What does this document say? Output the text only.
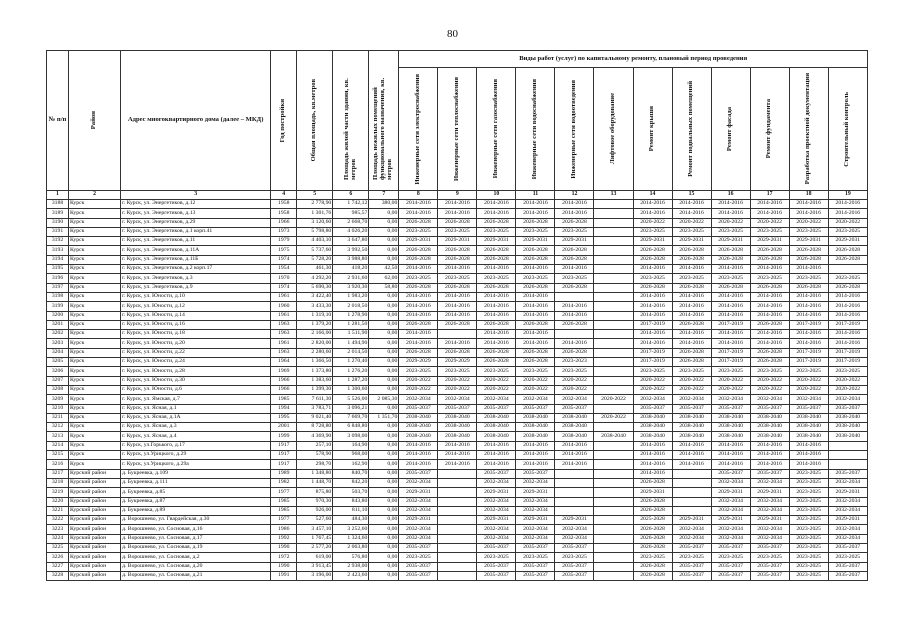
80
№ п/п	Район	Адрес многоквартирного дома (далее – МКД)	Год постройки	Общая площадь, кв.метров	Площадь жилой части здания, кв. метров	Площадь нежилых помещений функционального назначения, кв. метров	Виды работ (услуг) по капитальному ремонту, плановый период проведения											

							Инженерные сети электроснабжения	Инженерные сети теплоснабжения	Инженерные сети газоснабжения	Инженерные сети водоснабжения	Инженерные сети водоотведения	Лифтовое оборудование	Ремонт крыши	Ремонт подвальных помещений	Ремонт фасада	Ремонт фундамента	Разработка проектной документации	Строительный контроль

1	2	3	4	5	6	7	8	9	10	11	12	13	14	15	16	17	18	19
3188	Курск	г. Курск, ул. Энергетиков, д.12	1958	2 778,90	1 742,12	380,00	2014-2016	2014-2016	2014-2016	2014-2016	2014-2016		2014-2016	2014-2016	2014-2016	2014-2016	2014-2016	2014-2016
3189	Курск	г. Курск, ул. Энергетиков, д.13	1958	1 301,76	985,57	0,00	2014-2016	2014-2016	2014-2016	2014-2016	2014-2016		2014-2016	2014-2016	2014-2016	2014-2016	2014-2016	2014-2016
3190	Курск	г. Курск, ул. Энергетиков, д.29	1966	3 120,60	2 668,70	0,00	2026-2028	2026-2028	2026-2028	2026-2028	2026-2028		2020-2022	2020-2022	2020-2022	2020-2022	2020-2022	2020-2022
3191	Курск	г. Курск, ул. Энергетиков, д.1 корп.41	1973	5 798,80	4 026,20	0,00	2023-2025	2023-2025	2023-2025	2023-2025	2023-2025		2023-2025	2023-2025	2023-2025	2023-2025	2023-2025	2023-2025
3192	Курск	г. Курск, ул. Энергетиков, д.11	1979	4 403,10	3 647,80	0,00	2029-2031	2029-2031	2029-2031	2029-2031	2029-2031		2029-2031	2029-2031	2029-2031	2029-2031	2029-2031	2029-2031
3193	Курск	г. Курск, ул. Энергетиков, д.11А	1975	5 737,60	3 992,50	0,00	2026-2028	2026-2028	2026-2028	2026-2028	2026-2028		2026-2028	2026-2028	2026-2028	2026-2028	2026-2028	2026-2028
3194	Курск	г. Курск, ул. Энергетиков, д.11Б	1974	5 728,20	3 988,80	0,00	2026-2028	2026-2028	2026-2028	2026-2028	2026-2028		2026-2028	2026-2028	2026-2028	2026-2028	2026-2028	2026-2028
3195	Курск	г. Курск, ул. Энергетиков, д.2 корп.17	1954	461,30	418,20	42,50	2014-2016	2014-2016	2014-2016	2014-2016	2014-2016		2014-2016	2014-2016	2014-2016	2014-2016	2014-2016	
3196	Курск	г. Курск, ул. Энергетиков, д.3	1970	4 292,20	2 931,60	62,00	2023-2025	2023-2025	2023-2025	2023-2025	2023-2025		2023-2025	2023-2025	2023-2025	2023-2025	2023-2025	2023-2025
3197	Курск	г. Курск, ул. Энергетиков, д.9	1974	5 690,30	3 920,30	58,80	2026-2028	2026-2028	2026-2028	2026-2028	2026-2028		2026-2028	2026-2028	2026-2028	2026-2028	2026-2028	2026-2028
3198	Курск	г. Курск, ул. Юности, д.10	1961	3 422,40	1 983,20	0,00	2014-2016	2014-2016	2014-2016	2014-2016			2014-2016	2014-2016	2014-2016	2014-2016	2014-2016	2014-2016
3199	Курск	г. Курск, ул. Юности, д.12	1960	3 433,30	2 018,50	0,00	2014-2016	2014-2016	2014-2016	2014-2016	2014-2016		2014-2016	2014-2016	2014-2016	2014-2016	2014-2016	2014-2016
3200	Курск	г. Курск, ул. Юности, д.14	1961	1 319,10	1 278,90	0,00	2014-2016	2014-2016	2014-2016	2014-2016	2014-2016		2014-2016	2014-2016	2014-2016	2014-2016	2014-2016	2014-2016
3201	Курск	г. Курск, ул. Юности, д.16	1963	1 379,20	1 281,50	0,00	2026-2028	2026-2028	2026-2028	2026-2028	2026-2028		2017-2019	2026-2028	2017-2019	2026-2028	2017-2019	2017-2019
3202	Курск	г. Курск, ул. Юности, д.18	1963	2 166,00	1 511,90	0,00	2014-2016		2014-2016	2014-2016			2014-2016	2014-2016	2014-2016	2014-2016	2014-2016	2014-2016
3203	Курск	г. Курск, ул. Юности, д.20	1961	2 820,00	1 494,90	0,00	2014-2016	2014-2016	2014-2016	2014-2016	2014-2016		2014-2016	2014-2016	2014-2016	2014-2016	2014-2016	2014-2016
3204	Курск	г. Курск, ул. Юности, д.22	1963	2 280,60	2 014,50	0,00	2026-2028	2026-2028	2026-2028	2026-2028	2026-2028		2017-2019	2026-2028	2017-2019	2026-2028	2017-2019	2017-2019
3205	Курск	г. Курск, ул. Юности, д.24	1964	1 366,50	1 270,40	0,00	2029-2029	2029-2029	2026-2028	2026-2028	2023-2023		2017-2019	2026-2028	2017-2019	2026-2028	2017-2019	2017-2019
3206	Курск	г. Курск, ул. Юности, д.28	1969	1 373,80	1 276,20	0,00	2023-2025	2023-2025	2023-2025	2023-2025	2023-2025		2023-2025	2023-2025	2023-2025	2023-2025	2023-2025	2023-2025
3207	Курск	г. Курск, ул. Юности, д.30	1966	1 383,60	1 287,20	0,00	2020-2022	2020-2022	2020-2022	2020-2022	2020-2022		2020-2022	2020-2022	2020-2022	2020-2022	2020-2022	2020-2022
3208	Курск	г. Курск, ул. Юности, д.6	1966	1 399,30	1 300,60	0,00	2020-2022	2020-2022	2020-2022	2020-2022	2020-2022		2020-2022	2020-2022	2020-2022	2020-2022	2020-2022	2020-2022
3209	Курск	г. Курск, ул. Ямская, д.7	1985	7 611,30	5 526,00	2 085,30	2032-2034	2032-2034	2032-2034	2032-2034	2032-2034	2020-2022	2032-2034	2032-2034	2032-2034	2032-2034	2032-2034	2032-2034
3210	Курск	г. Курск, ул. Ясная, д.1	1994	3 783,71	3 096,21	0,00	2035-2037	2035-2037	2035-2037	2035-2037	2035-2037		2035-2037	2035-2037	2035-2037	2035-2037	2035-2037	2035-2037
3211	Курск	г. Курск, ул. Ясная, д.1А	1995	9 021,40	7 669,70	1 351,70	2038-2040	2038-2040	2038-2040	2038-2040	2038-2040	2020-2022	2038-2040	2038-2040	2038-2040	2038-2040	2038-2040	2038-2040
3212	Курск	г. Курск, ул. Ясная, д.3	2001	8 728,80	6 848,80	0,00	2038-2040	2038-2040	2038-2040	2038-2040	2038-2040		2038-2040	2038-2040	2038-2040	2038-2040	2038-2040	2038-2040
3213	Курск	г. Курск, ул. Ясная, д.4	1999	4 369,90	3 098,00	0,00	2038-2040	2038-2040	2038-2040	2038-2040	2038-2040	2038-2040	2038-2040	2038-2040	2038-2040	2038-2040	2038-2040	2038-2040
3214	Курск	г. Курск, ул.Горького, д.17	1917	257,10	164,90	0,00	2014-2016	2014-2016	2014-2016	2014-2016	2014-2016		2014-2016	2014-2016	2014-2016	2014-2016	2014-2016	
3215	Курск	г. Курск, ул.Урицкого, д.29	1917	578,90	968,00	0,00	2014-2016	2014-2016	2014-2016	2014-2016	2014-2016		2014-2016	2014-2016	2014-2016	2014-2016	2014-2016	
3216	Курск	г. Курск, ул.Урицкого, д.29а	1917	298,70	162,90	0,00	2014-2016	2014-2016	2014-2016	2014-2016	2014-2016		2014-2016	2014-2016	2014-2016	2014-2016	2014-2016	
3217	Курский район	д. Букреевка, д.109	1989	1 348,80	840,70	0,00	2035-2037		2035-2037	2035-2037			2014-2016		2035-2037	2035-2037	2023-2025	2035-2037
3218	Курский район	д. Букреевка, д.111	1982	1 448,70	842,20	0,00	2032-2034		2032-2034	2032-2034			2026-2028		2032-2034	2032-2034	2023-2025	2032-2034
3219	Курский район	д. Букреевка, д.85	1977	875,80	503,70	0,00	2029-2031		2029-2031	2029-2031			2029-2031		2029-2031	2029-2031	2023-2025	2029-2031
3220	Курский район	д. Букреевка, д.87	1985	970,30	843,80	0,00	2032-2034		2032-2034	2032-2034			2026-2028		2032-2034	2032-2034	2023-2025	2032-2034
3221	Курский район	д. Букреевка, д.89	1985	926,00	811,10	0,00	2032-2034		2032-2034	2032-2034			2026-2028		2032-2034	2032-2034	2023-2025	2032-2034
3222	Курский район	д. Ворошнево, ул. Гвардейская, д.30	1977	527,60	484,30	0,00	2029-2031		2029-2031	2029-2031	2029-2031		2025-2028	2029-2031	2029-2031	2029-2031	2023-2025	2029-2031
3223	Курский район	д. Ворошнево, ул. Сосновая, д.16	1986	3 457,10	3 252,60	0,00	2032-2034		2032-2034	2032-2034	2032-2034		2026-2028	2032-2034	2032-2034	2032-2034	2023-2025	2032-2034
3224	Курский район	д. Ворошнево, ул. Сосновая, д.17	1992	1 767,45	1 324,60	0,00	2032-2034		2032-2034	2032-2034	2032-2034		2026-2028	2032-2034	2032-2034	2032-2034	2023-2025	2032-2034
3225	Курский район	д. Ворошнево, ул. Сосновая, д.19	1990	2 577,20	2 063,80	0,00	2035-2037		2035-2037	2035-2037	2035-2037		2026-2028	2035-2037	2035-2037	2035-2037	2023-2025	2035-2037
3226	Курский район	д. Ворошнево, ул. Сосновая, д.2	1972	619,00	576,80	0,00	2023-2025		2023-2025	2023-2025	2023-2025		2023-2025	2023-2025	2023-2025	2023-2025	2023-2025	2023-2025
3227	Курский район	д. Ворошнево, ул. Сосновая, д.20	1990	3 913,45	2 938,00	0,00	2035-2037		2035-2037	2035-2037	2035-2037		2026-2028	2035-2037	2035-2037	2035-2037	2023-2025	2035-2037
3228	Курский район	д. Ворошнево, ул. Сосновая, д.21	1991	3 196,00	2 423,60	0,00	2035-2037		2035-2037	2035-2037	2035-2037		2026-2028	2035-2037	2035-2037	2035-2037	2023-2025	2035-2037
